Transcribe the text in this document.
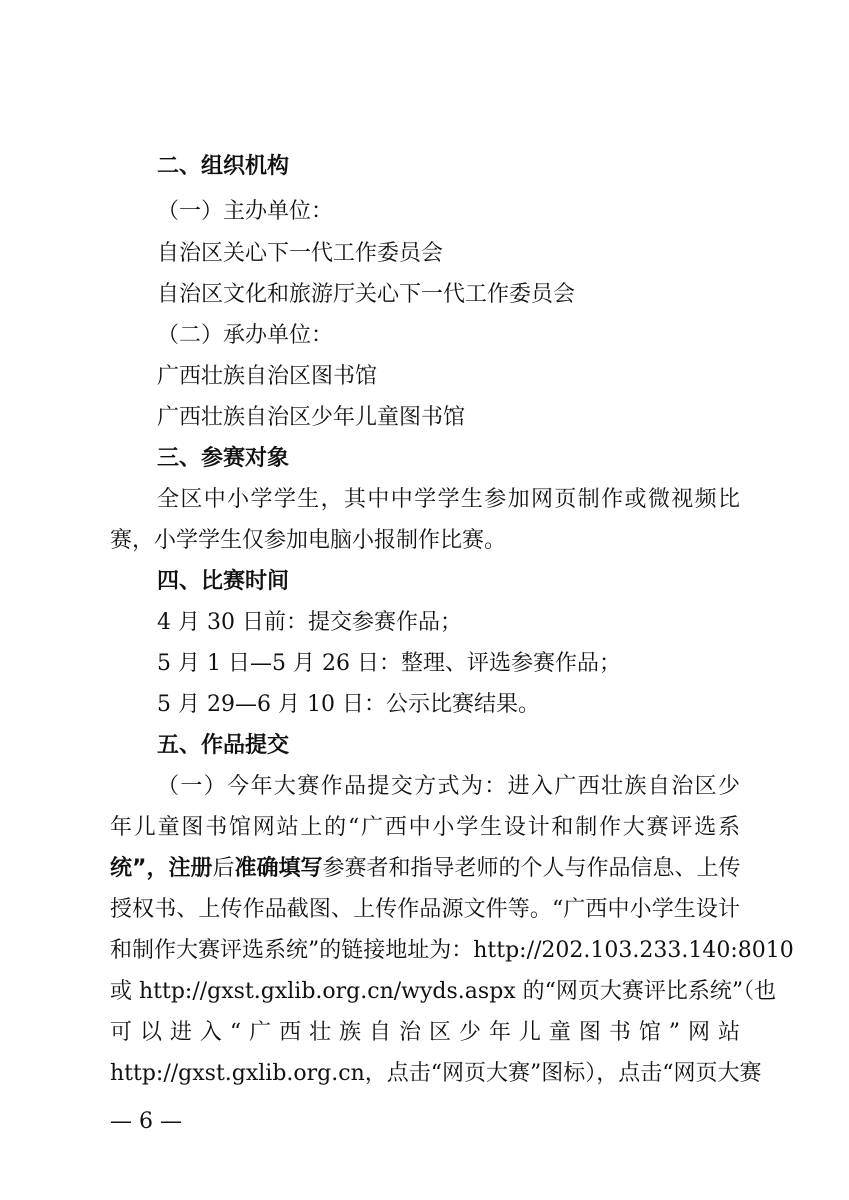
二、组织机构
（一）主办单位：
自治区关心下一代工作委员会
自治区文化和旅游厅关心下一代工作委员会
（二）承办单位：
广西壮族自治区图书馆
广西壮族自治区少年儿童图书馆
三、参赛对象
全区中小学学生，其中中学学生参加网页制作或微视频比
赛，小学学生仅参加电脑小报制作比赛。
四、比赛时间
4 月 30 日前：提交参赛作品；
5 月 1 日—5 月 26 日：整理、评选参赛作品；
5 月 29—6 月 10 日：公示比赛结果。
五、作品提交
（一）今年大赛作品提交方式为：进入广西壮族自治区少
年儿童图书馆网站上的“广西中小学生设计和制作大赛评选系
统”，注册后准确填写参赛者和指导老师的个人与作品信息、上传
授权书、上传作品截图、上传作品源文件等。“广西中小学生设计
和制作大赛评选系统”的链接地址为：http://202.103.233.140:8010
或 http://gxst.gxlib.org.cn/wyds.aspx 的“网页大赛评比系统”（也
可以进入“广西壮族自治区少年儿童图书馆”网站
http://gxst.gxlib.org.cn，点击“网页大赛”图标），点击“网页大赛
— 6 —
